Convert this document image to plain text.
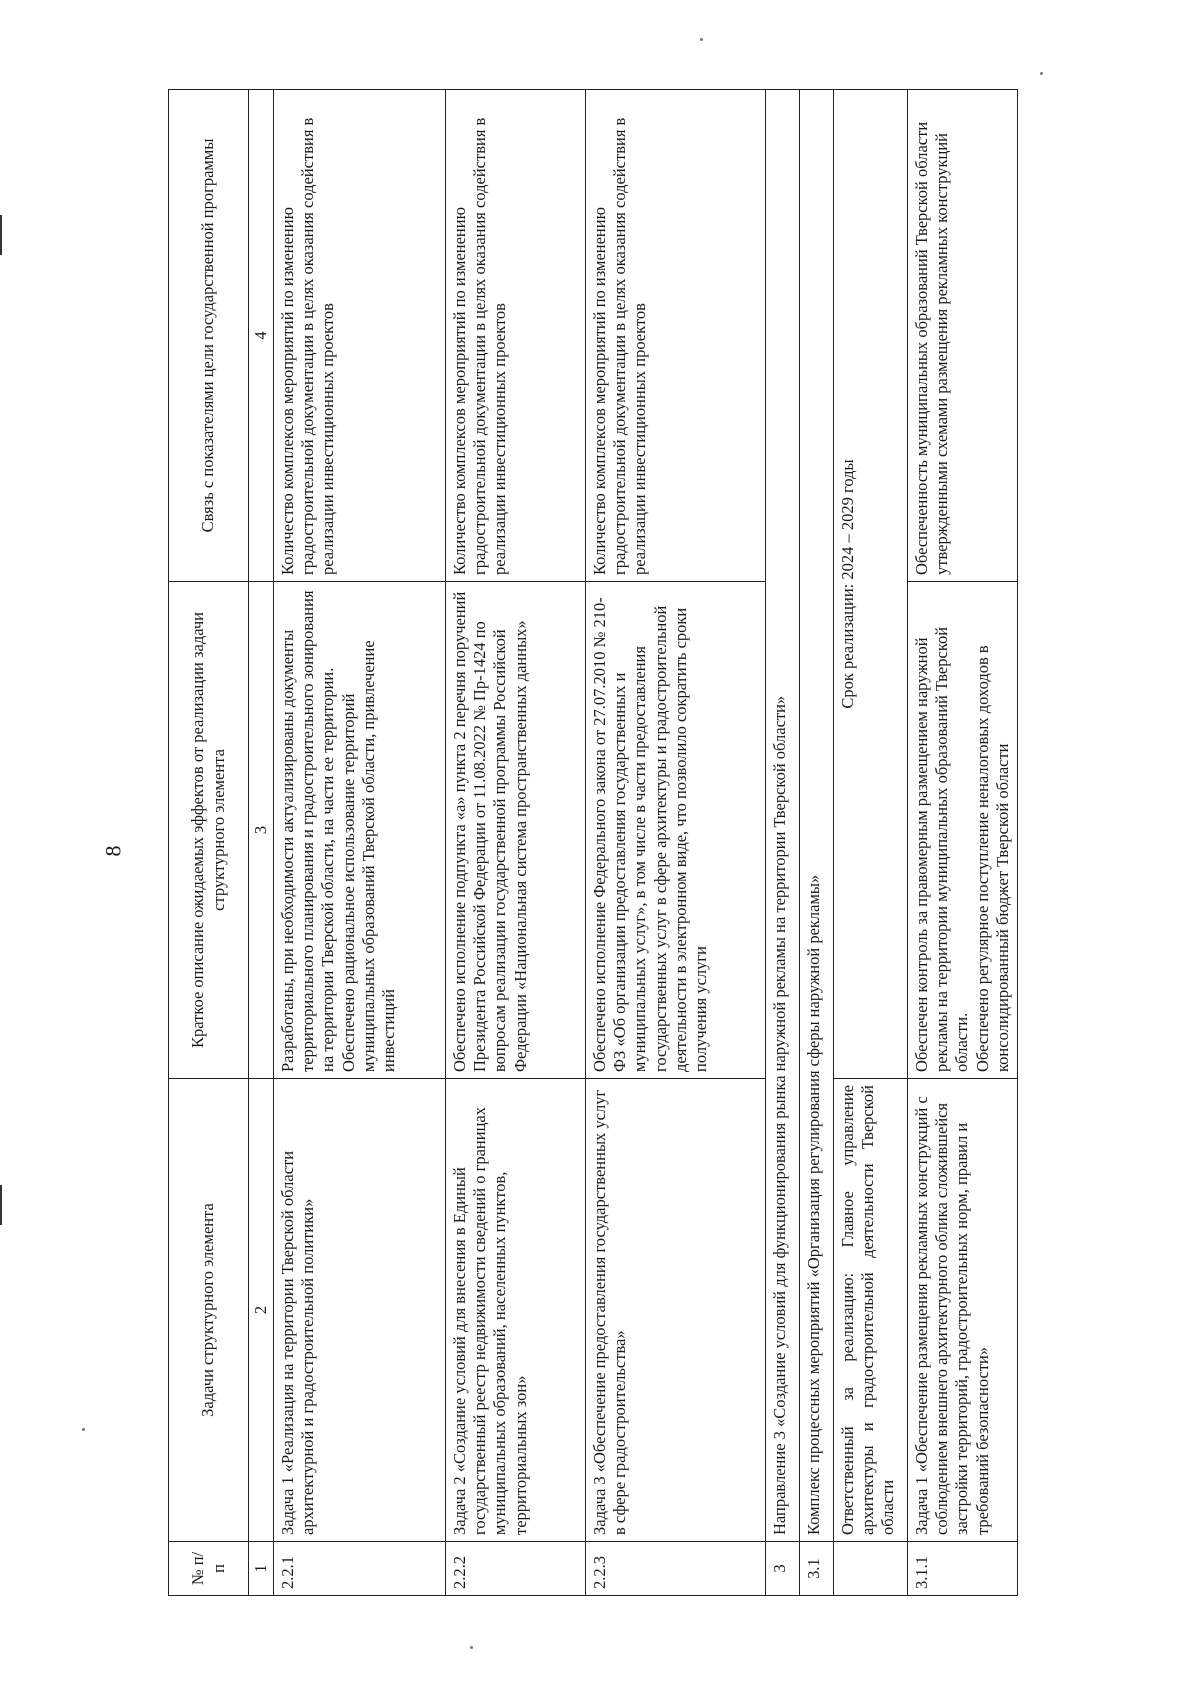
8
№ п/п	Задачи структурного элемента	Краткое описание ожидаемых эффектов от реализации задачи структурного элемента	Связь с показателями цели государственной программы
1	2	3	4
2.2.1	Задача 1 «Реализация на территории Тверской области архитектурной и градостроительной политики»	Разработаны, при необходимости актуализированы документы территориального планирования и градостроительного зонирования на территории Тверской области, на части ее территории. Обеспечено рациональное использование территорий муниципальных образований Тверской области, привлечение инвестиций	Количество комплексов мероприятий по изменению градостроительной документации в целях оказания содействия в реализации инвестиционных проектов
2.2.2	Задача 2 «Создание условий для внесения в Единый государственный реестр недвижимости сведений о границах муниципальных образований, населенных пунктов, территориальных зон»	Обеспечено исполнение подпункта «а» пункта 2 перечня поручений Президента Российской Федерации от 11.08.2022 № Пр-1424 по вопросам реализации государственной программы Российской Федерации «Национальная система пространственных данных»	Количество комплексов мероприятий по изменению градостроительной документации в целях оказания содействия в реализации инвестиционных проектов
2.2.3	Задача 3 «Обеспечение предоставления государственных услуг в сфере градостроительства»	Обеспечено исполнение Федерального закона от 27.07.2010 № 210-ФЗ «Об организации предоставления государственных и муниципальных услуг», в том числе в части предоставления государственных услуг в сфере архитектуры и градостроительной деятельности в электронном виде, что позволило сократить сроки получения услуги	Количество комплексов мероприятий по изменению градостроительной документации в целях оказания содействия в реализации инвестиционных проектов
3	Направление 3 «Создание условий для функционирования рынка наружной рекламы на территории Тверской области»		
3.1	Комплекс процессных мероприятий «Организация регулирования сферы наружной рекламы»		
	Ответственный за реализацию: Главное управление архитектуры и градостроительной деятельности Тверской области	Срок реализации: 2024 – 2029 годы	
3.1.1	Задача 1 «Обеспечение размещения рекламных конструкций с соблюдением внешнего архитектурного облика сложившейся застройки территорий, градостроительных норм, правил и требований безопасности»	Обеспечен контроль за правомерным размещением наружной рекламы на территории муниципальных образований Тверской области. Обеспечено регулярное поступление неналоговых доходов в консолидированный бюджет Тверской области	Обеспеченность муниципальных образований Тверской области утвержденными схемами размещения рекламных конструкций
